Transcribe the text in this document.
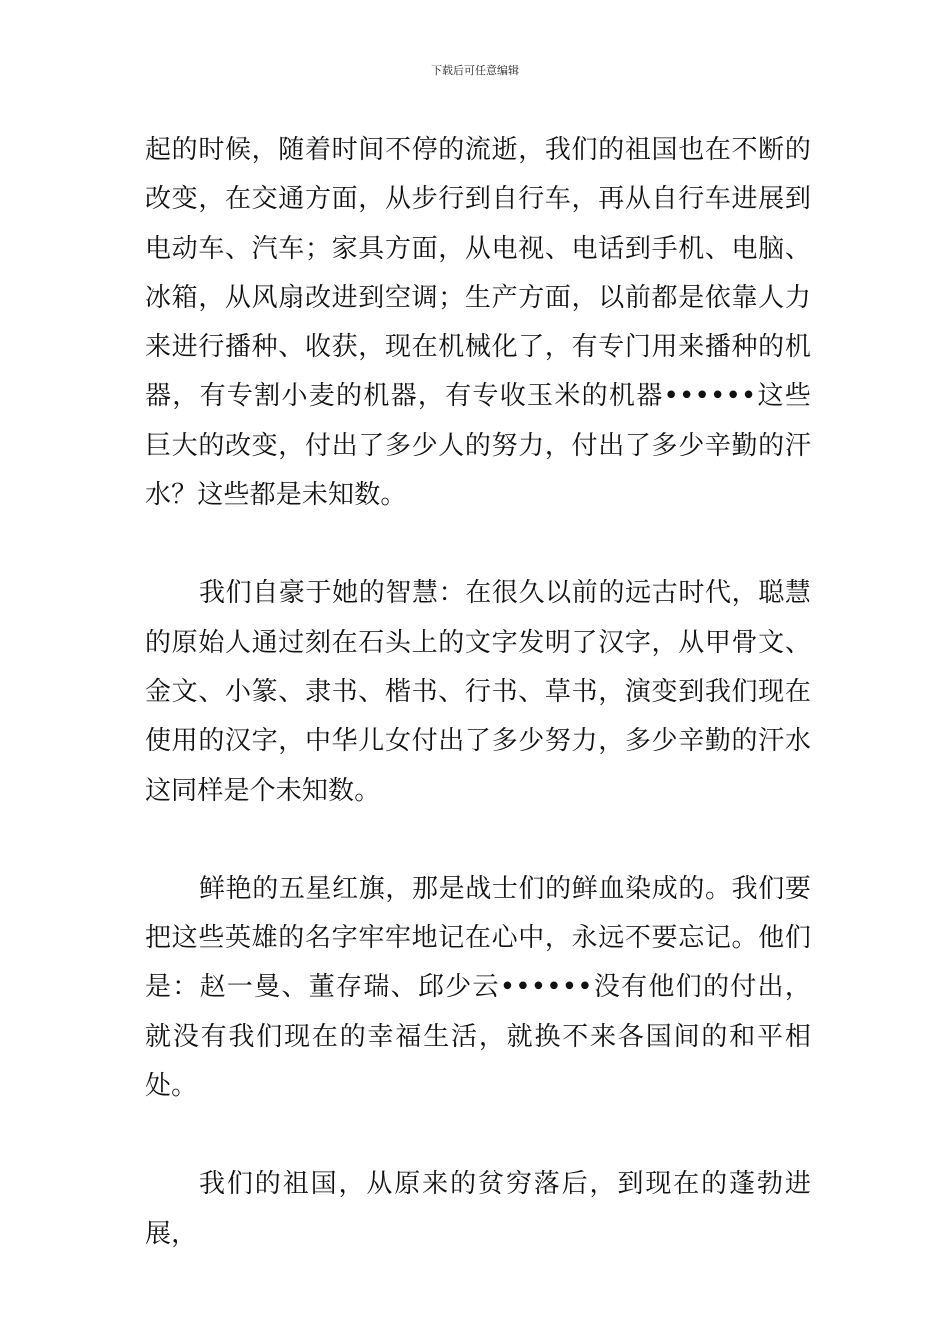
下载后可任意编辑

起的时候，随着时间不停的流逝，我们的祖国也在不断的改变，在交通方面，从步行到自行车，再从自行车进展到电动车、汽车；家具方面，从电视、电话到手机、电脑、冰箱，从风扇改进到空调；生产方面，以前都是依靠人力来进行播种、收获，现在机械化了，有专门用来播种的机器，有专割小麦的机器，有专收玉米的机器••••••这些巨大的改变，付出了多少人的努力，付出了多少辛勤的汗水？这些都是未知数。

我们自豪于她的智慧：在很久以前的远古时代，聪慧的原始人通过刻在石头上的文字发明了汉字，从甲骨文、金文、小篆、隶书、楷书、行书、草书，演变到我们现在使用的汉字，中华儿女付出了多少努力，多少辛勤的汗水这同样是个未知数。

鲜艳的五星红旗，那是战士们的鲜血染成的。我们要把这些英雄的名字牢牢地记在心中，永远不要忘记。他们是：赵一曼、董存瑞、邱少云••••••没有他们的付出，就没有我们现在的幸福生活，就换不来各国间的和平相处。

我们的祖国，从原来的贫穷落后，到现在的蓬勃进展，
